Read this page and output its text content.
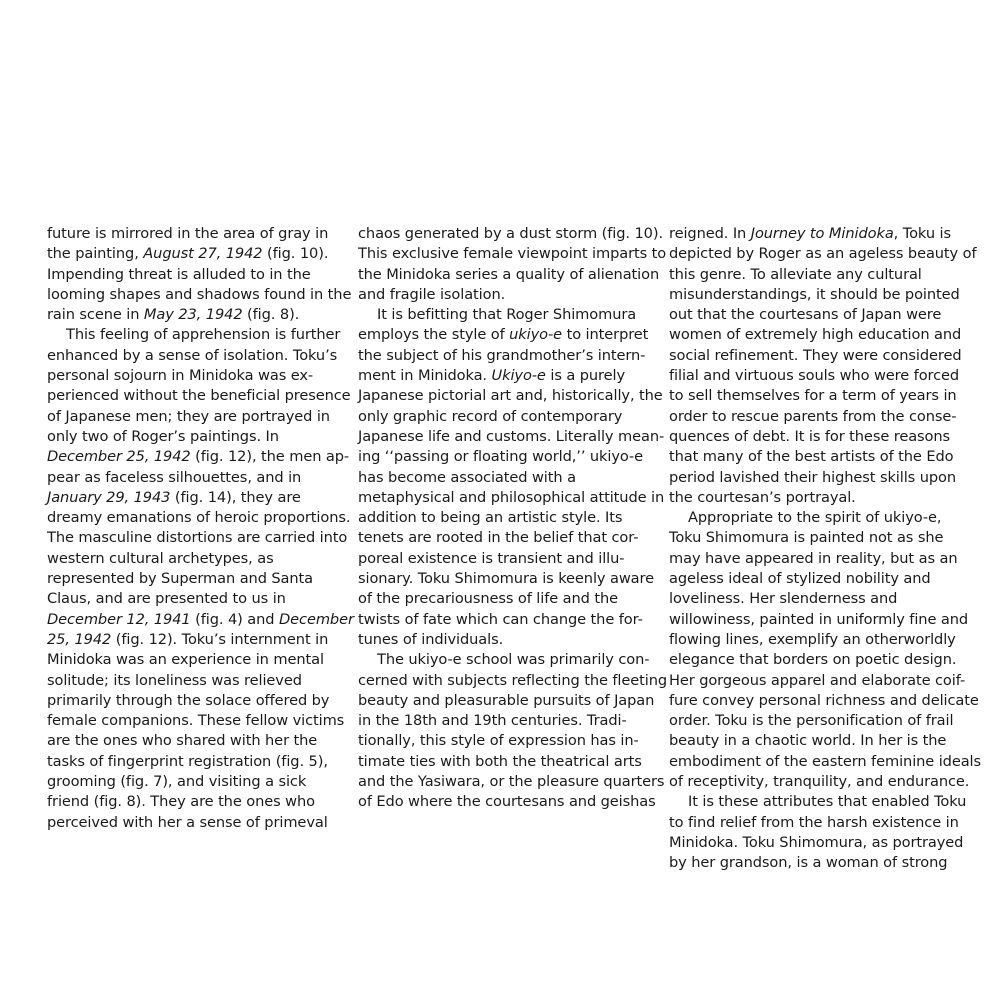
future is mirrored in the area of gray in
the painting, August 27, 1942 (fig. 10).
Impending threat is alluded to in the
looming shapes and shadows found in the
rain scene in May 23, 1942 (fig. 8).
This feeling of apprehension is further
enhanced by a sense of isolation. Toku’s
personal sojourn in Minidoka was ex-
perienced without the beneficial presence
of Japanese men; they are portrayed in
only two of Roger’s paintings. In
December 25, 1942 (fig. 12), the men ap-
pear as faceless silhouettes, and in
January 29, 1943 (fig. 14), they are
dreamy emanations of heroic proportions.
The masculine distortions are carried into
western cultural archetypes, as
represented by Superman and Santa
Claus, and are presented to us in
December 12, 1941 (fig. 4) and December
25, 1942 (fig. 12). Toku’s internment in
Minidoka was an experience in mental
solitude; its loneliness was relieved
primarily through the solace offered by
female companions. These fellow victims
are the ones who shared with her the
tasks of fingerprint registration (fig. 5),
grooming (fig. 7), and visiting a sick
friend (fig. 8). They are the ones who
perceived with her a sense of primeval
chaos generated by a dust storm (fig. 10).
This exclusive female viewpoint imparts to
the Minidoka series a quality of alienation
and fragile isolation.
It is befitting that Roger Shimomura
employs the style of ukiyo-e to interpret
the subject of his grandmother’s intern-
ment in Minidoka. Ukiyo-e is a purely
Japanese pictorial art and, historically, the
only graphic record of contemporary
Japanese life and customs. Literally mean-
ing ‘‘passing or floating world,’’ ukiyo-e
has become associated with a
metaphysical and philosophical attitude in
addition to being an artistic style. Its
tenets are rooted in the belief that cor-
poreal existence is transient and illu-
sionary. Toku Shimomura is keenly aware
of the precariousness of life and the
twists of fate which can change the for-
tunes of individuals.
The ukiyo-e school was primarily con-
cerned with subjects reflecting the fleeting
beauty and pleasurable pursuits of Japan
in the 18th and 19th centuries. Tradi-
tionally, this style of expression has in-
timate ties with both the theatrical arts
and the Yasiwara, or the pleasure quarters
of Edo where the courtesans and geishas
reigned. In Journey to Minidoka, Toku is
depicted by Roger as an ageless beauty of
this genre. To alleviate any cultural
misunderstandings, it should be pointed
out that the courtesans of Japan were
women of extremely high education and
social refinement. They were considered
filial and virtuous souls who were forced
to sell themselves for a term of years in
order to rescue parents from the conse-
quences of debt. It is for these reasons
that many of the best artists of the Edo
period lavished their highest skills upon
the courtesan’s portrayal.
Appropriate to the spirit of ukiyo-e,
Toku Shimomura is painted not as she
may have appeared in reality, but as an
ageless ideal of stylized nobility and
loveliness. Her slenderness and
willowiness, painted in uniformly fine and
flowing lines, exemplify an otherworldly
elegance that borders on poetic design.
Her gorgeous apparel and elaborate coif-
fure convey personal richness and delicate
order. Toku is the personification of frail
beauty in a chaotic world. In her is the
embodiment of the eastern feminine ideals
of receptivity, tranquility, and endurance.
It is these attributes that enabled Toku
to find relief from the harsh existence in
Minidoka. Toku Shimomura, as portrayed
by her grandson, is a woman of strong
